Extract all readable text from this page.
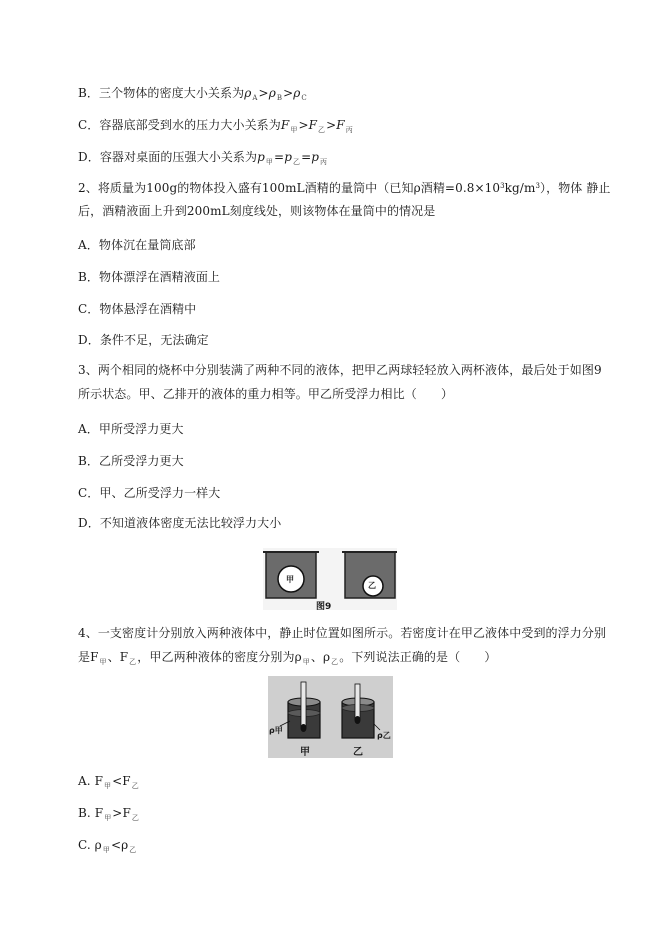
B．三个物体的密度大小关系为$\rho_A>\rho_B>\rho_C$
C．容器底部受到水的压力大小关系为$F_甲>F_乙>F_丙$
D．容器对桌面的压强大小关系为$p_甲=p_乙=p_丙$
2、将质量为100g的物体投入盛有100mL酒精的量筒中（已知ρ酒精$=0.8\times 10^3kg/m^3$），物体 静止
后，酒精液面上升到200mL刻度线处，则该物体在量筒中的情况是
A．物体沉在量筒底部
B．物体漂浮在酒精液面上
C．物体悬浮在酒精中
D．条件不足，无法确定
3、两个相同的烧杯中分别装满了两种不同的液体，把甲乙两球轻轻放入两杯液体，最后处于如图9
所示状态。甲、乙排开的液体的重力相等。甲乙所受浮力相比（　　）
A．甲所受浮力更大
B．乙所受浮力更大
C．甲、乙所受浮力一样大
D．不知道液体密度无法比较浮力大小
甲
乙
图9
4、一支密度计分别放入两种液体中，静止时位置如图所示。若密度计在甲乙液体中受到的浮力分别
是$F_甲$、$F_乙$，甲乙两种液体的密度分别为$\rho_甲$、$\rho_乙$。下列说法正确的是（　　）
ρ甲
ρ乙
甲	乙
A. $F_甲<F_乙$
B. $F_甲>F_乙$
C. $\rho_甲<\rho_乙$
